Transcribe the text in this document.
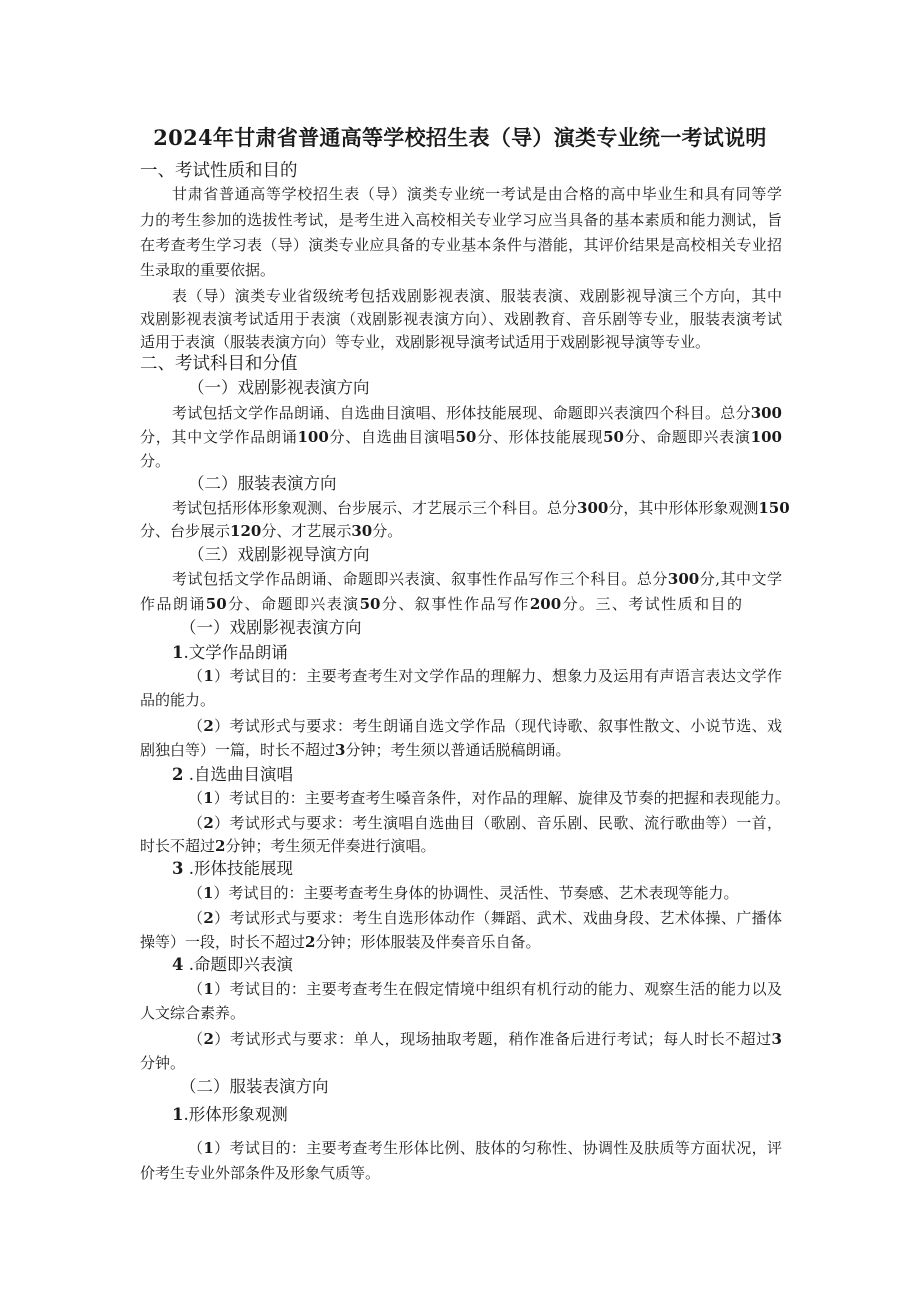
2024年甘肃省普通高等学校招生表（导）演类专业统一考试说明
一、考试性质和目的
甘肃省普通高等学校招生表（导）演类专业统一考试是由合格的高中毕业生和具有同等学
力的考生参加的选拔性考试，是考生进入高校相关专业学习应当具备的基本素质和能力测试，旨
在考查考生学习表（导）演类专业应具备的专业基本条件与潜能，其评价结果是高校相关专业招
生录取的重要依据。
表（导）演类专业省级统考包括戏剧影视表演、服装表演、戏剧影视导演三个方向，其中
戏剧影视表演考试适用于表演（戏剧影视表演方向）、戏剧教育、音乐剧等专业，服装表演考试
适用于表演（服装表演方向）等专业，戏剧影视导演考试适用于戏剧影视导演等专业。
二、考试科目和分值
（一）戏剧影视表演方向
考试包括文学作品朗诵、自选曲目演唱、形体技能展现、命题即兴表演四个科目。总分300
分，其中文学作品朗诵100分、自选曲目演唱50分、形体技能展现50分、命题即兴表演100
分。
（二）服装表演方向
考试包括形体形象观测、台步展示、才艺展示三个科目。总分300分，其中形体形象观测150
分、台步展示120分、才艺展示30分。
（三）戏剧影视导演方向
考试包括文学作品朗诵、命题即兴表演、叙事性作品写作三个科目。总分300分,其中文学
作品朗诵50分、命题即兴表演50分、叙事性作品写作200分。三、考试性质和目的
（一）戏剧影视表演方向
1.文学作品朗诵
（1）考试目的：主要考查考生对文学作品的理解力、想象力及运用有声语言表达文学作
品的能力。
（2）考试形式与要求：考生朗诵自选文学作品（现代诗歌、叙事性散文、小说节选、戏
剧独白等）一篇，时长不超过3分钟；考生须以普通话脱稿朗诵。
2 .自选曲目演唱
（1）考试目的：主要考查考生嗓音条件，对作品的理解、旋律及节奏的把握和表现能力。
（2）考试形式与要求：考生演唱自选曲目（歌剧、音乐剧、民歌、流行歌曲等）一首，
时长不超过2分钟；考生须无伴奏进行演唱。
3 .形体技能展现
（1）考试目的：主要考查考生身体的协调性、灵活性、节奏感、艺术表现等能力。
（2）考试形式与要求：考生自选形体动作（舞蹈、武术、戏曲身段、艺术体操、广播体
操等）一段，时长不超过2分钟；形体服装及伴奏音乐自备。
4 .命题即兴表演
（1）考试目的：主要考查考生在假定情境中组织有机行动的能力、观察生活的能力以及
人文综合素养。
（2）考试形式与要求：单人，现场抽取考题，稍作准备后进行考试；每人时长不超过3
分钟。
（二）服装表演方向
1.形体形象观测
（1）考试目的：主要考查考生形体比例、肢体的匀称性、协调性及肤质等方面状况，评
价考生专业外部条件及形象气质等。
